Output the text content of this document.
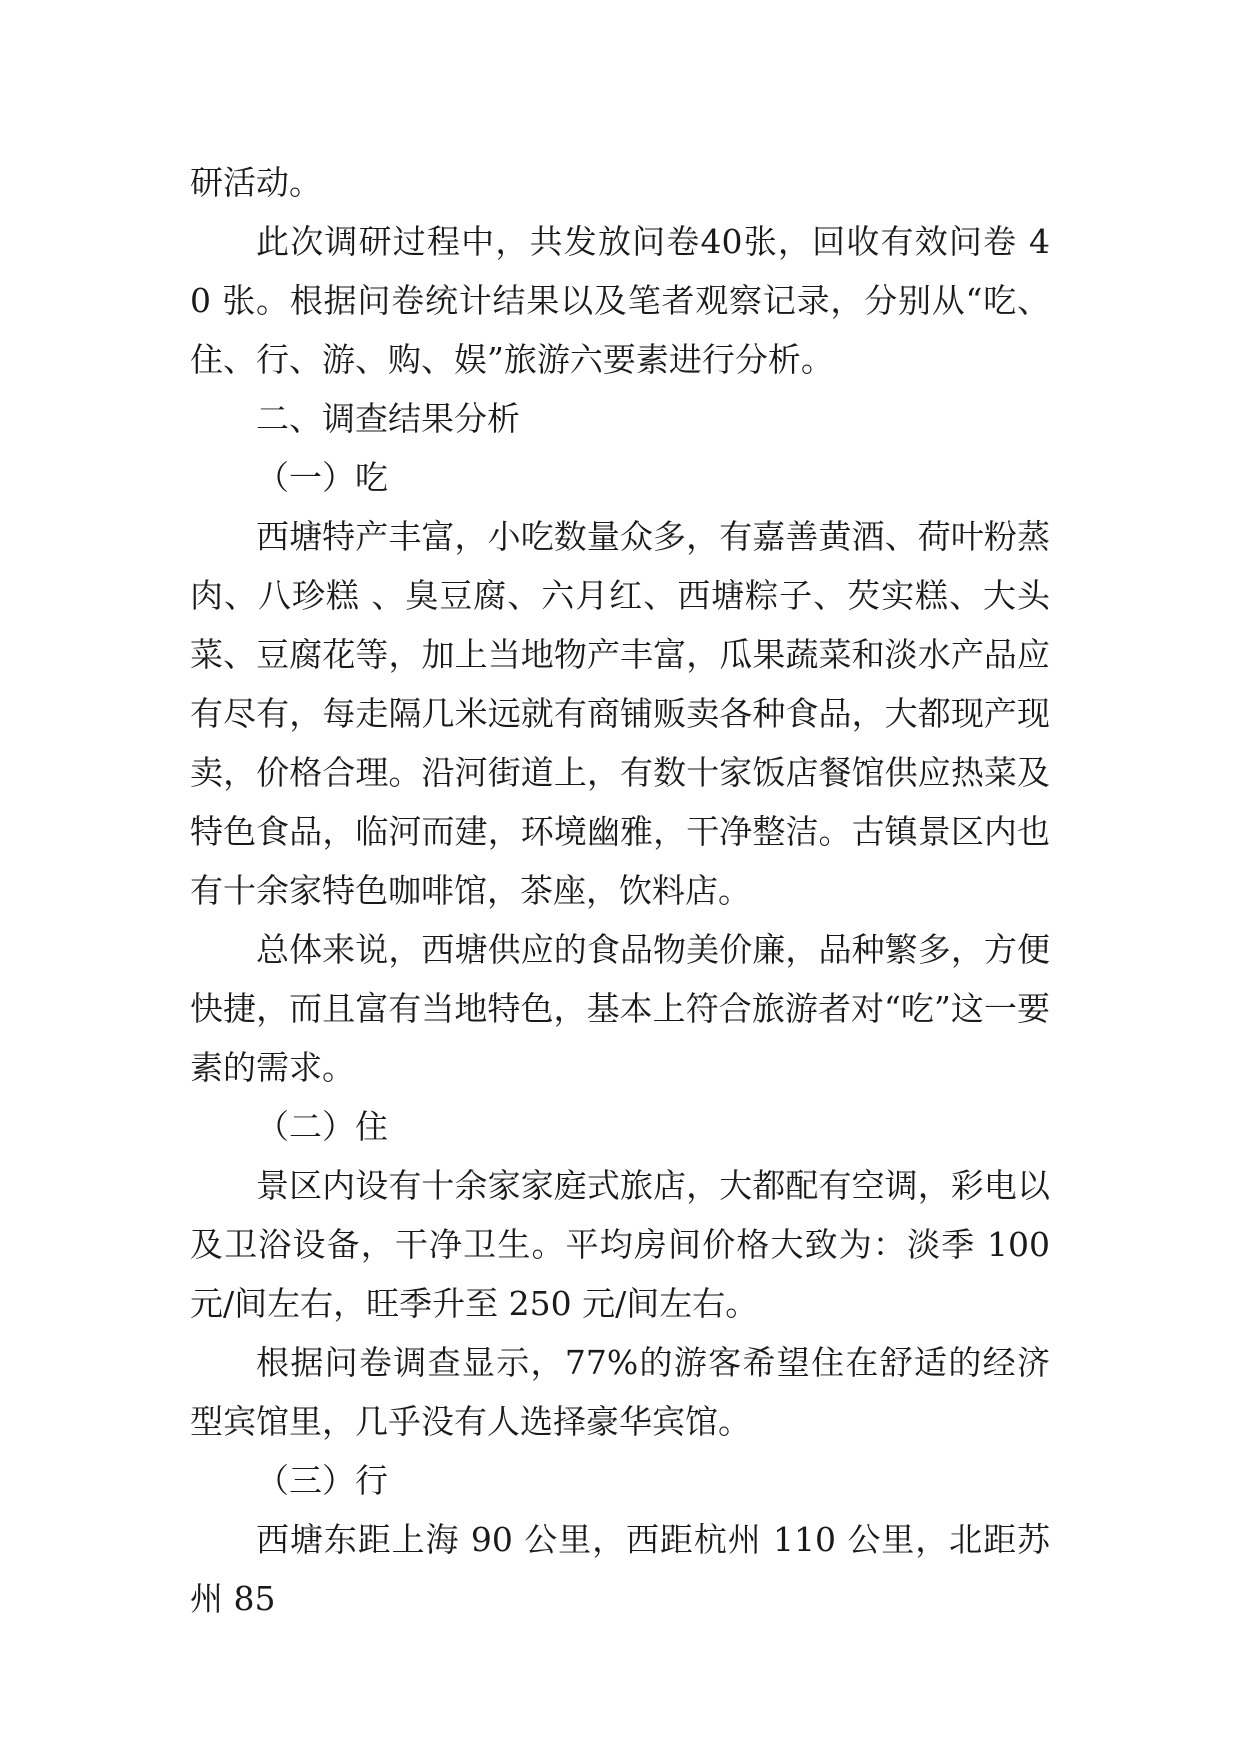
研活动。

此次调研过程中，共发放问卷40张，回收有效问卷 4 0 张。根据问卷统计结果以及笔者观察记录，分别从“吃、住、行、游、购、娱”旅游六要素进行分析。

二、调查结果分析

（一）吃

西塘特产丰富，小吃数量众多，有嘉善黄酒、荷叶粉蒸肉、八珍糕 、臭豆腐、六月红、西塘粽子、芡实糕、大头菜、豆腐花等，加上当地物产丰富，瓜果蔬菜和淡水产品应有尽有，每走隔几米远就有商铺贩卖各种食品，大都现产现卖，价格合理。沿河街道上，有数十家饭店餐馆供应热菜及特色食品，临河而建，环境幽雅，干净整洁。古镇景区内也有十余家特色咖啡馆，茶座，饮料店。

总体来说，西塘供应的食品物美价廉，品种繁多，方便快捷，而且富有当地特色，基本上符合旅游者对“吃”这一要素的需求。

（二）住

景区内设有十余家家庭式旅店，大都配有空调，彩电以及卫浴设备，干净卫生。平均房间价格大致为：淡季 100 元/间左右，旺季升至 250 元/间左右。

根据问卷调查显示，77%的游客希望住在舒适的经济型宾馆里，几乎没有人选择豪华宾馆。

（三）行

西塘东距上海 90 公里，西距杭州 110 公里，北距苏州 85
